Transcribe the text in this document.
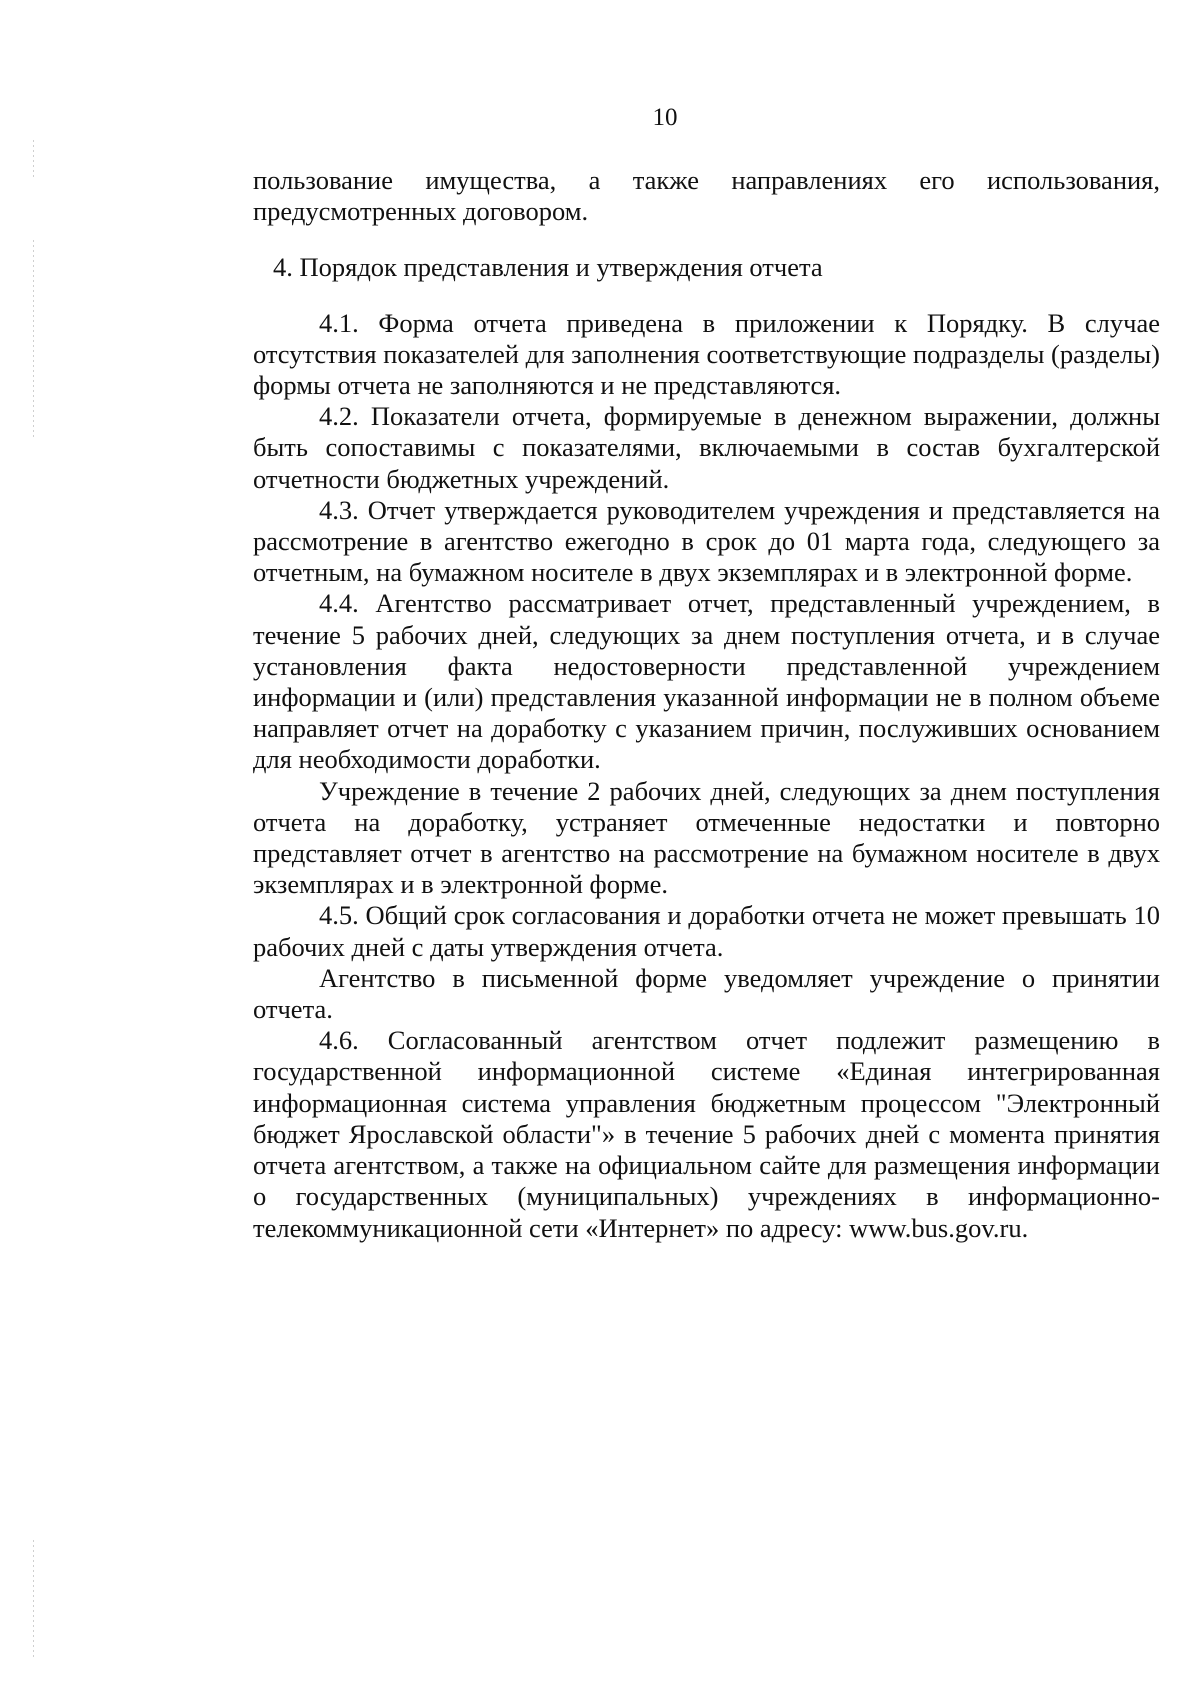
10

пользование имущества, а также направлениях его использования, предусмотренных договором.

4. Порядок представления и утверждения отчета

4.1. Форма отчета приведена в приложении к Порядку. В случае отсутствия показателей для заполнения соответствующие подразделы (разделы) формы отчета не заполняются и не представляются.

4.2. Показатели отчета, формируемые в денежном выражении, должны быть сопоставимы с показателями, включаемыми в состав бухгалтерской отчетности бюджетных учреждений.

4.3. Отчет утверждается руководителем учреждения и представляется на рассмотрение в агентство ежегодно в срок до 01 марта года, следующего за отчетным, на бумажном носителе в двух экземплярах и в электронной форме.

4.4. Агентство рассматривает отчет, представленный учреждением, в течение 5 рабочих дней, следующих за днем поступления отчета, и в случае установления факта недостоверности представленной учреждением информации и (или) представления указанной информации не в полном объеме направляет отчет на доработку с указанием причин, послуживших основанием для необходимости доработки.

Учреждение в течение 2 рабочих дней, следующих за днем поступления отчета на доработку, устраняет отмеченные недостатки и повторно представляет отчет в агентство на рассмотрение на бумажном носителе в двух экземплярах и в электронной форме.

4.5. Общий срок согласования и доработки отчета не может превышать 10 рабочих дней с даты утверждения отчета.

Агентство в письменной форме уведомляет учреждение о принятии отчета.

4.6. Согласованный агентством отчет подлежит размещению в государственной информационной системе «Единая интегрированная информационная система управления бюджетным процессом "Электронный бюджет Ярославской области"» в течение 5 рабочих дней с момента принятия отчета агентством, а также на официальном сайте для размещения информации о государственных (муниципальных) учреждениях в информационно-телекоммуникационной сети «Интернет» по адресу: www.bus.gov.ru.
